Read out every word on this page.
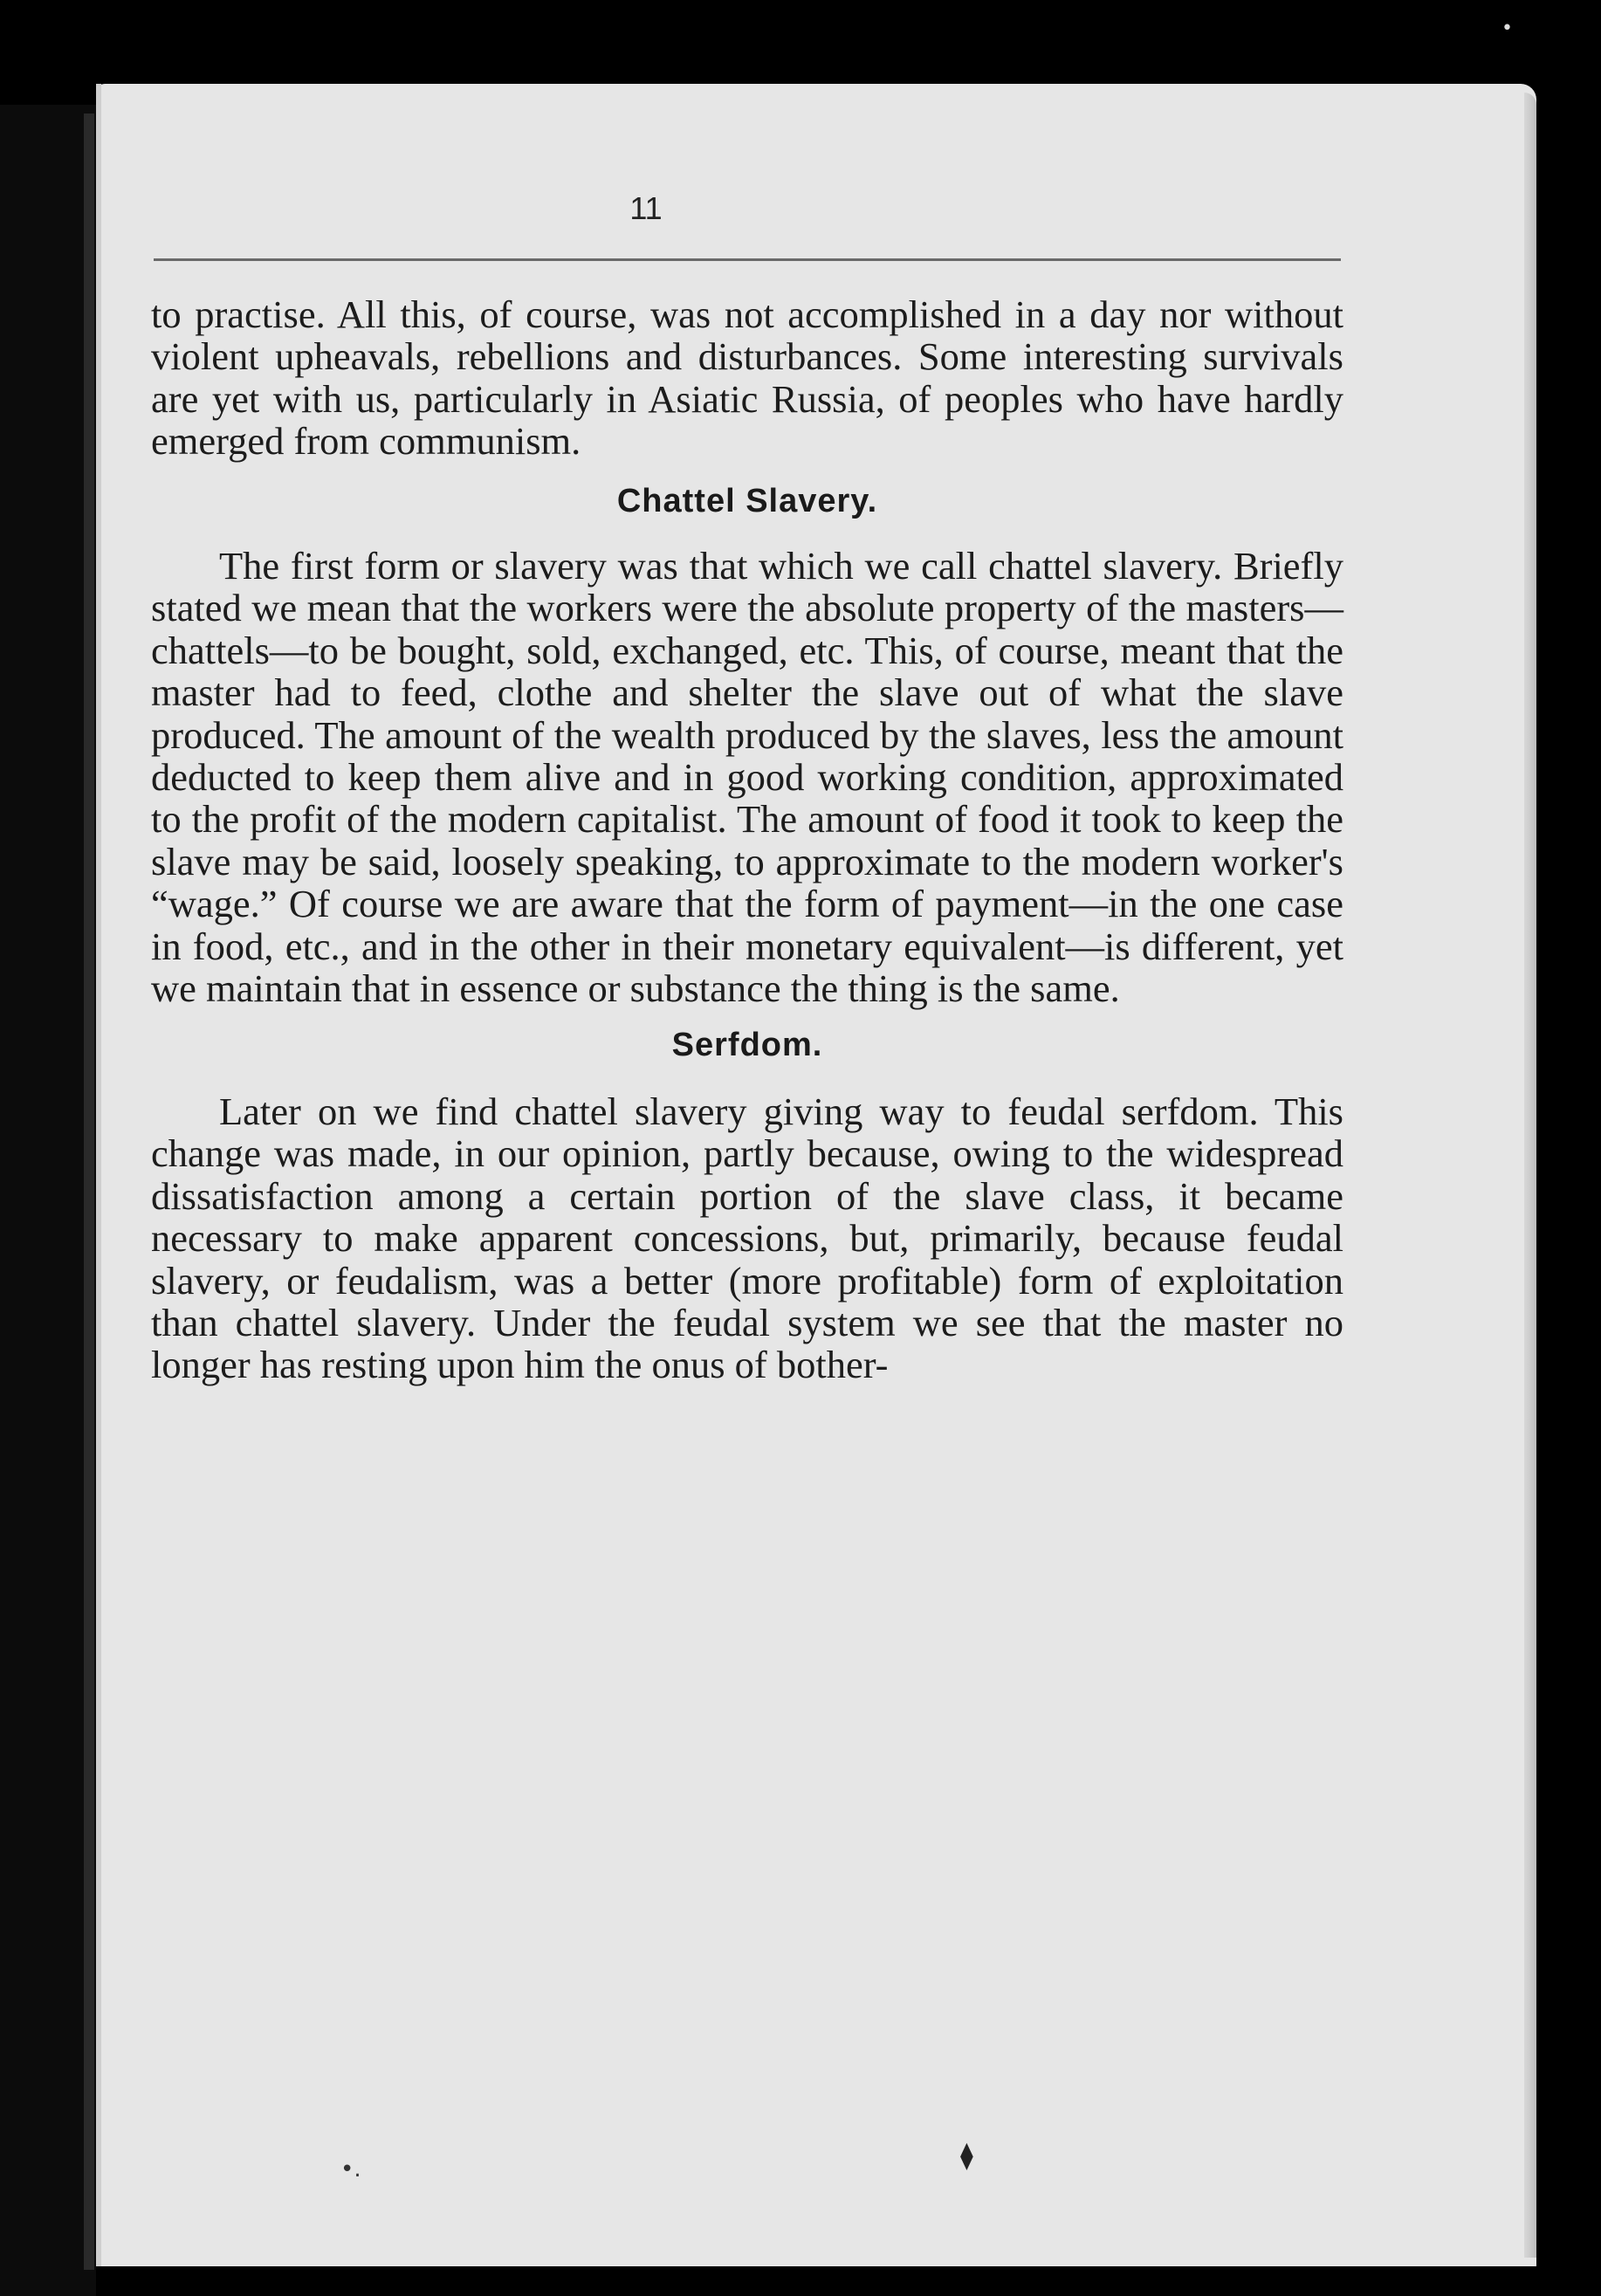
•
11

to practise. All this, of course, was not accomplished in a day nor without violent upheavals, rebellions and disturbances. Some interesting survivals are yet with us, particularly in Asiatic Russia, of peoples who have hardly emerged from communism.

Chattel Slavery.

The first form or slavery was that which we call chattel slavery. Briefly stated we mean that the workers were the absolute property of the masters—chattels—to be bought, sold, exchanged, etc. This, of course, meant that the master had to feed, clothe and shelter the slave out of what the slave produced. The amount of the wealth produced by the slaves, less the amount deducted to keep them alive and in good working condition, approximated to the profit of the modern capitalist. The amount of food it took to keep the slave may be said, loosely speaking, to approximate to the modern worker's “wage.” Of course we are aware that the form of payment—in the one case in food, etc., and in the other in their monetary equivalent—is different, yet we maintain that in essence or substance the thing is the same.

Serfdom.

Later on we find chattel slavery giving way to feudal serfdom. This change was made, in our opinion, partly because, owing to the widespread dissatisfaction among a certain portion of the slave class, it became necessary to make apparent concessions, but, primarily, because feudal slavery, or feudalism, was a better (more profitable) form of exploitation than chattel slavery. Under the feudal system we see that the master no longer has resting upon him the onus of bother-

⧫
•.
